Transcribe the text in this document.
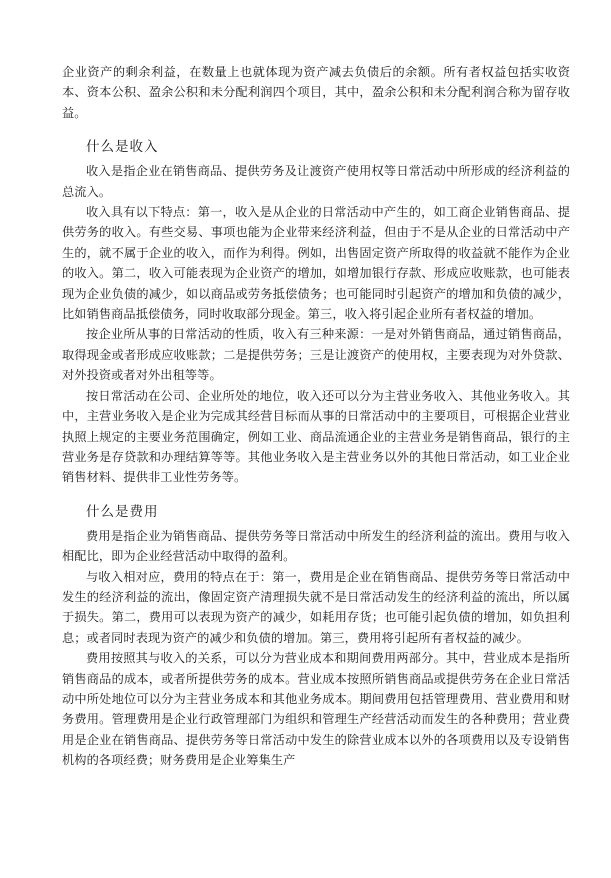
企业资产的剩余利益，在数量上也就体现为资产减去负债后的余额。所有者权益包括实收资本、资本公积、盈余公积和未分配利润四个项目，其中，盈余公积和未分配利润合称为留存收益。

什么是收入

收入是指企业在销售商品、提供劳务及让渡资产使用权等日常活动中所形成的经济利益的总流入。

收入具有以下特点：第一，收入是从企业的日常活动中产生的，如工商企业销售商品、提供劳务的收入。有些交易、事项也能为企业带来经济利益，但由于不是从企业的日常活动中产生的，就不属于企业的收入，而作为利得。例如，出售固定资产所取得的收益就不能作为企业的收入。第二，收入可能表现为企业资产的增加，如增加银行存款、形成应收账款，也可能表现为企业负债的减少，如以商品或劳务抵偿债务；也可能同时引起资产的增加和负债的减少，比如销售商品抵偿债务，同时收取部分现金。第三，收入将引起企业所有者权益的增加。

按企业所从事的日常活动的性质，收入有三种来源：一是对外销售商品，通过销售商品，取得现金或者形成应收账款；二是提供劳务；三是让渡资产的使用权，主要表现为对外贷款、对外投资或者对外出租等等。

按日常活动在公司、企业所处的地位，收入还可以分为主营业务收入、其他业务收入。其中，主营业务收入是企业为完成其经营目标而从事的日常活动中的主要项目，可根据企业营业执照上规定的主要业务范围确定，例如工业、商品流通企业的主营业务是销售商品，银行的主营业务是存贷款和办理结算等等。其他业务收入是主营业务以外的其他日常活动，如工业企业销售材料、提供非工业性劳务等。

什么是费用

费用是指企业为销售商品、提供劳务等日常活动中所发生的经济利益的流出。费用与收入相配比，即为企业经营活动中取得的盈利。

与收入相对应，费用的特点在于：第一，费用是企业在销售商品、提供劳务等日常活动中发生的经济利益的流出，像固定资产清理损失就不是日常活动发生的经济利益的流出，所以属于损失。第二，费用可以表现为资产的减少，如耗用存货；也可能引起负债的增加，如负担利息；或者同时表现为资产的减少和负债的增加。第三，费用将引起所有者权益的减少。

费用按照其与收入的关系，可以分为营业成本和期间费用两部分。其中，营业成本是指所销售商品的成本，或者所提供劳务的成本。营业成本按照所销售商品或提供劳务在企业日常活动中所处地位可以分为主营业务成本和其他业务成本。期间费用包括管理费用、营业费用和财务费用。管理费用是企业行政管理部门为组织和管理生产经营活动而发生的各种费用；营业费用是企业在销售商品、提供劳务等日常活动中发生的除营业成本以外的各项费用以及专设销售机构的各项经费；财务费用是企业筹集生产
